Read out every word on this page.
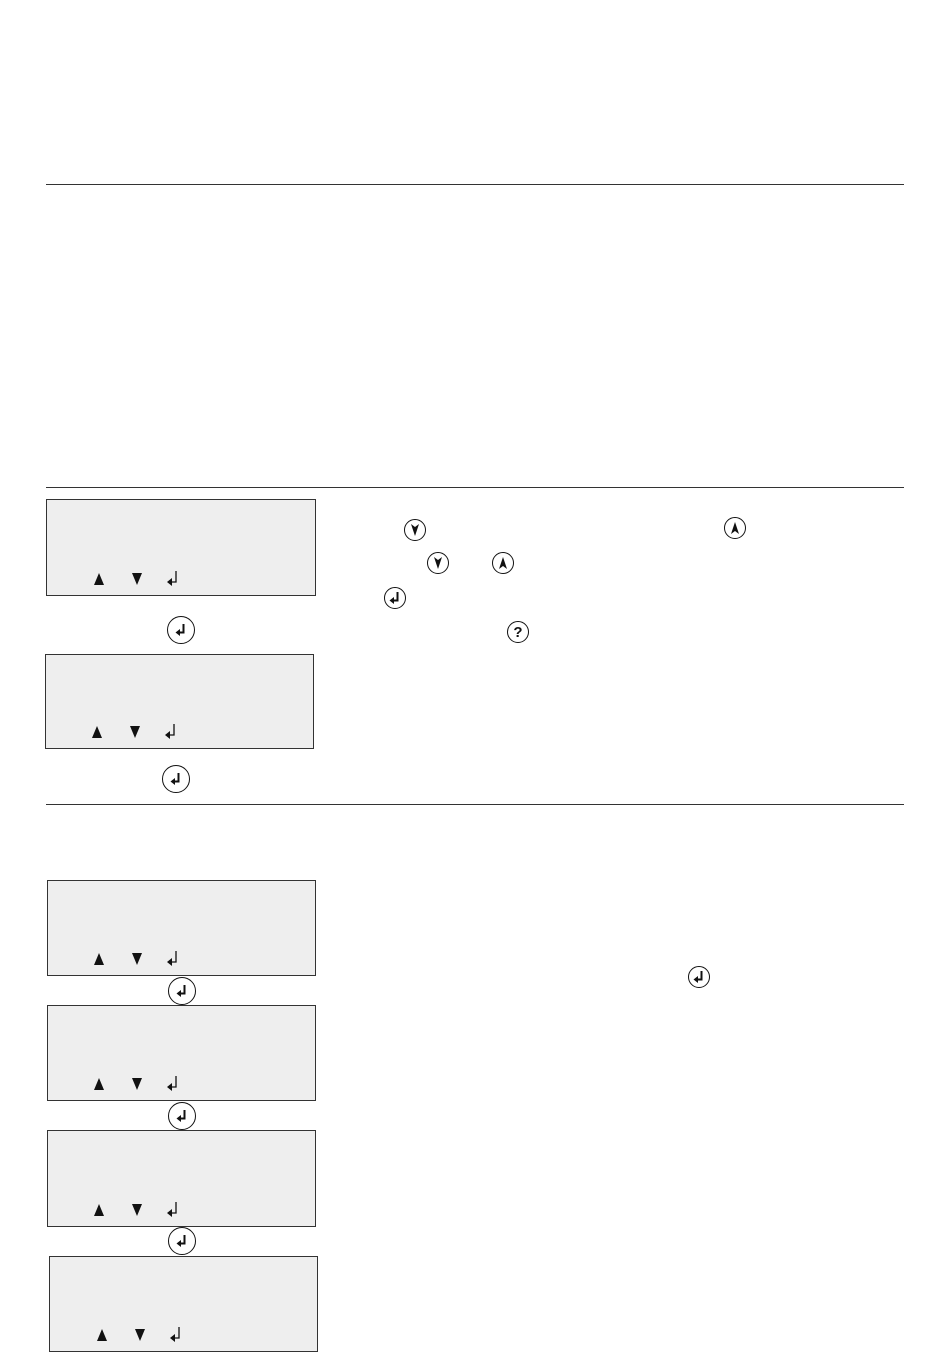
?
